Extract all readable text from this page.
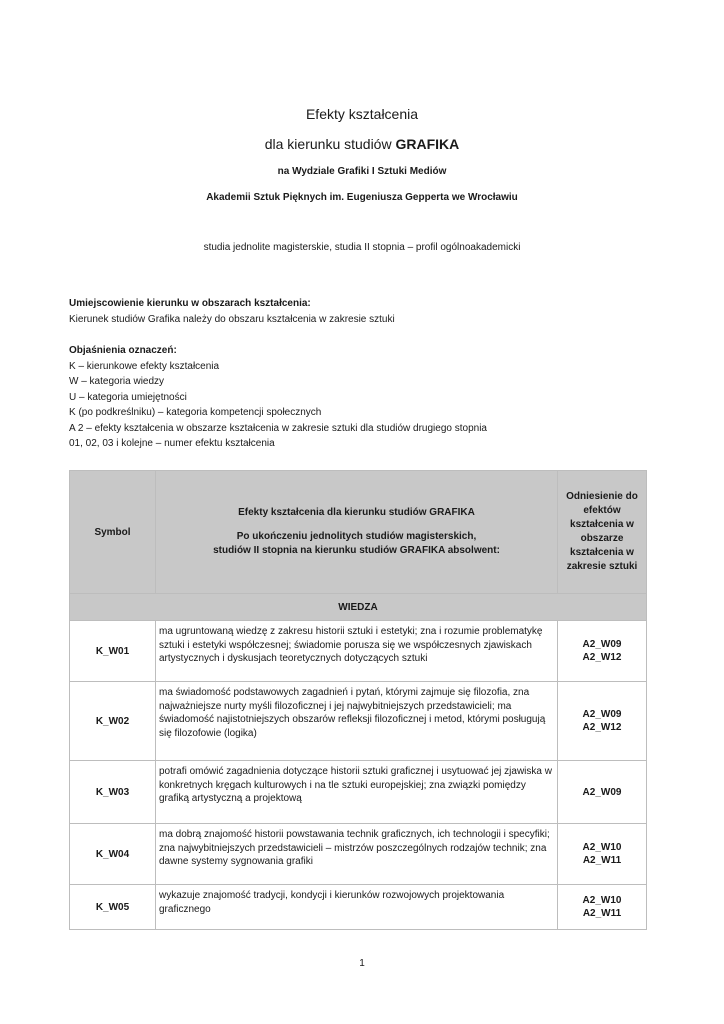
Efekty kształcenia
dla kierunku studiów GRAFIKA
na Wydziale Grafiki I Sztuki Mediów
Akademii Sztuk Pięknych im. Eugeniusza Gepperta we Wrocławiu
studia jednolite magisterskie, studia II stopnia – profil ogólnoakademicki
Umiejscowienie kierunku w obszarach kształcenia:
Kierunek studiów Grafika należy do obszaru kształcenia w zakresie sztuki
Objaśnienia oznaczeń:
K – kierunkowe efekty kształcenia
W – kategoria wiedzy
U – kategoria umiejętności
K (po podkreślniku) – kategoria kompetencji społecznych
A 2 – efekty kształcenia w obszarze kształcenia w zakresie sztuki dla studiów drugiego stopnia
01, 02, 03 i kolejne – numer efektu kształcenia
Symbol	Efekty kształcenia dla kierunku studiów GRAFIKA
Po ukończeniu jednolitych studiów magisterskich,
studiów II stopnia na kierunku studiów GRAFIKA absolwent:	Odniesienie do efektów kształcenia w obszarze kształcenia w zakresie sztuki
WIEDZA		
K_W01	ma ugruntowaną wiedzę z zakresu historii sztuki i estetyki; zna i rozumie problematykę sztuki i estetyki współczesnej; świadomie porusza się we współczesnych zjawiskach artystycznych i dyskusjach teoretycznych dotyczących sztuki	A2_W09
A2_W12

K_W02	ma świadomość podstawowych zagadnień i pytań, którymi zajmuje się filozofia, zna najważniejsze nurty myśli filozoficznej i jej najwybitniejszych przedstawicieli; ma świadomość najistotniejszych obszarów refleksji filozoficznej i metod, którymi posługują się filozofowie (logika)	A2_W09
A2_W12

K_W03	potrafi omówić zagadnienia dotyczące historii sztuki graficznej i usytuować jej zjawiska w konkretnych kręgach kulturowych i na tle sztuki europejskiej; zna związki pomiędzy grafiką artystyczną a projektową	A2_W09

K_W04	ma dobrą znajomość historii powstawania technik graficznych, ich technologii i specyfiki; zna najwybitniejszych przedstawicieli – mistrzów poszczególnych rodzajów technik; zna dawne systemy sygnowania grafiki	A2_W10
A2_W11

K_W05	wykazuje znajomość tradycji, kondycji i kierunków rozwojowych projektowania graficznego	A2_W10
A2_W11
1
